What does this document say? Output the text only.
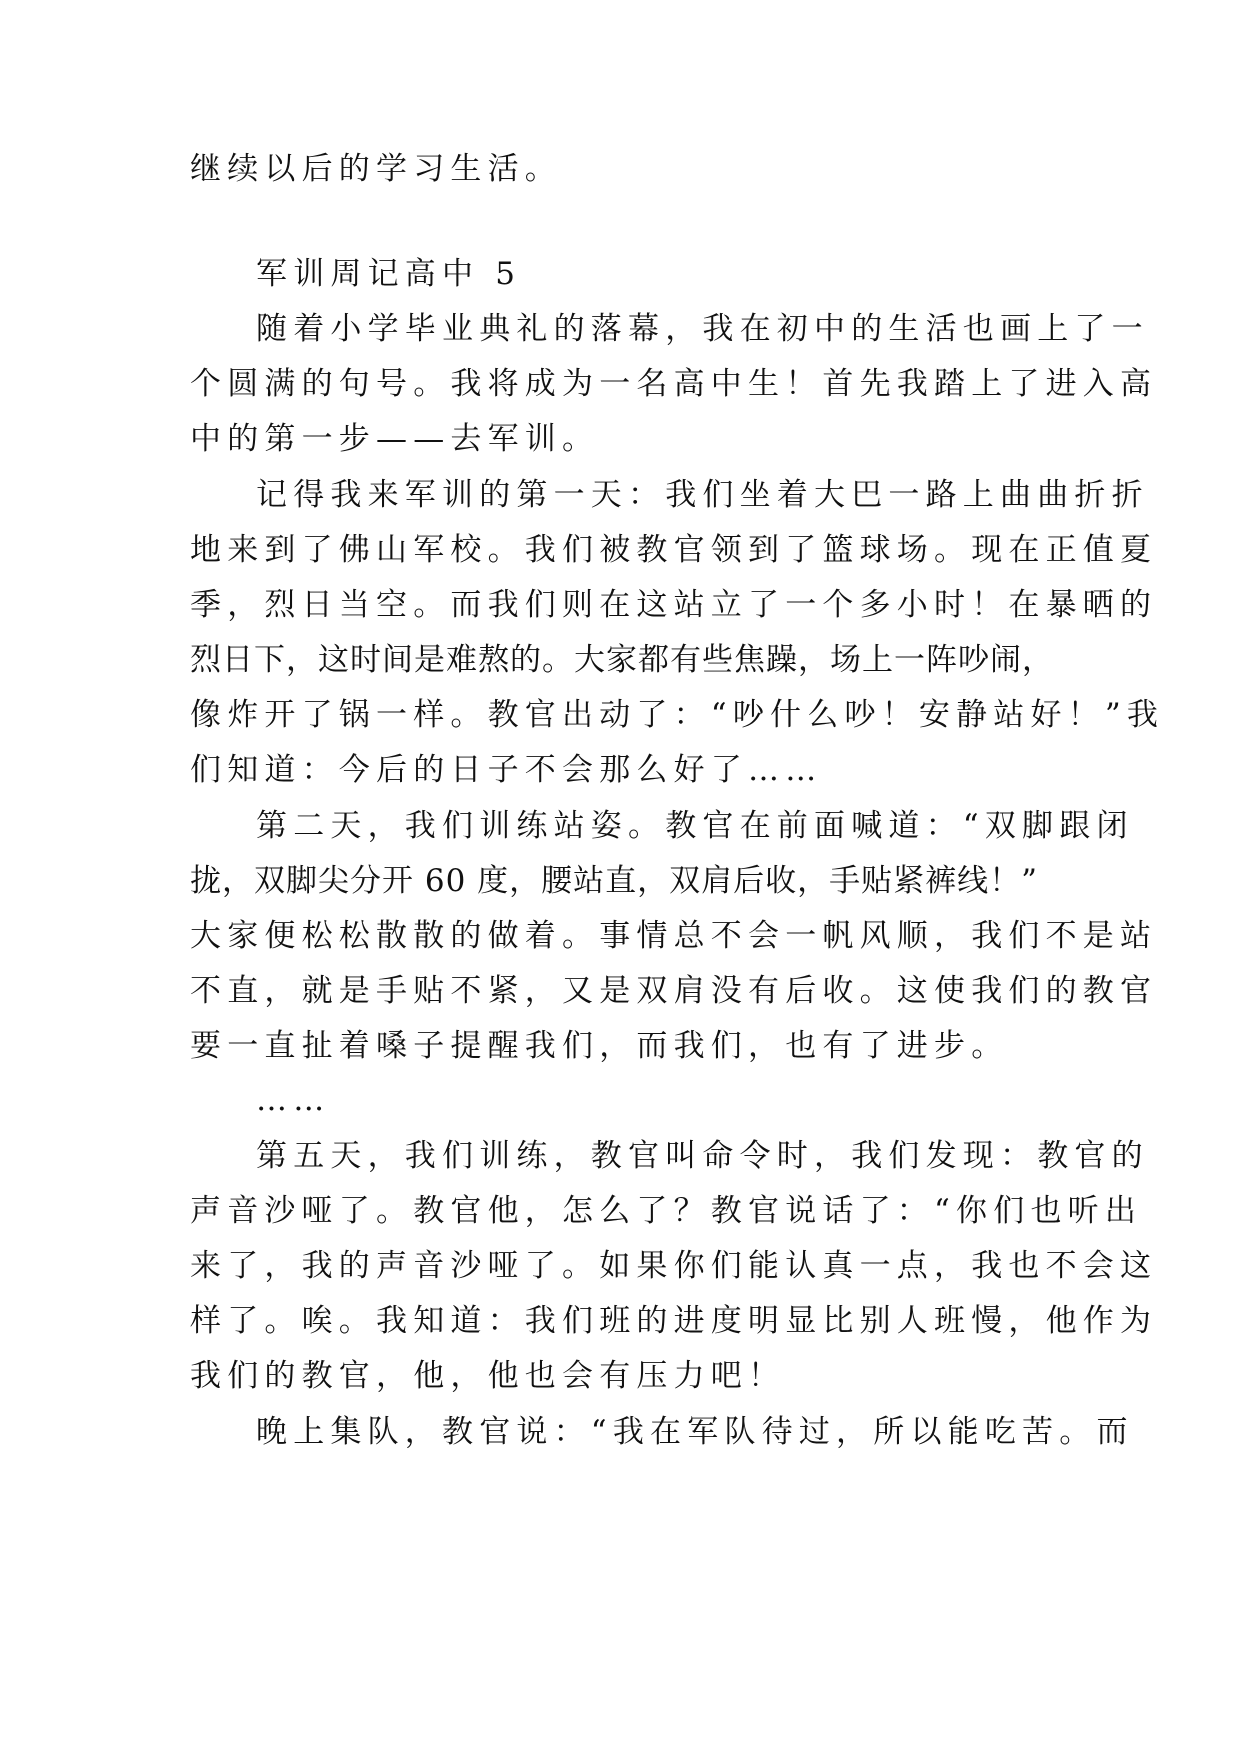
继续以后的学习生活。
军训周记高中 5
随着小学毕业典礼的落幕，我在初中的生活也画上了一
个圆满的句号。我将成为一名高中生！首先我踏上了进入高
中的第一步——去军训。
记得我来军训的第一天：我们坐着大巴一路上曲曲折折
地来到了佛山军校。我们被教官领到了篮球场。现在正值夏
季，烈日当空。而我们则在这站立了一个多小时！在暴晒的
烈日下，这时间是难熬的。大家都有些焦躁，场上一阵吵闹，
像炸开了锅一样。教官出动了：“吵什么吵！安静站好！”我
们知道：今后的日子不会那么好了……
第二天，我们训练站姿。教官在前面喊道：“双脚跟闭
拢，双脚尖分开 60 度，腰站直，双肩后收，手贴紧裤线！”
大家便松松散散的做着。事情总不会一帆风顺，我们不是站
不直，就是手贴不紧，又是双肩没有后收。这使我们的教官
要一直扯着嗓子提醒我们，而我们，也有了进步。
……
第五天，我们训练，教官叫命令时，我们发现：教官的
声音沙哑了。教官他，怎么了？教官说话了：“你们也听出
来了，我的声音沙哑了。如果你们能认真一点，我也不会这
样了。唉。我知道：我们班的进度明显比别人班慢，他作为
我们的教官，他，他也会有压力吧！
晚上集队，教官说：“我在军队待过，所以能吃苦。而
